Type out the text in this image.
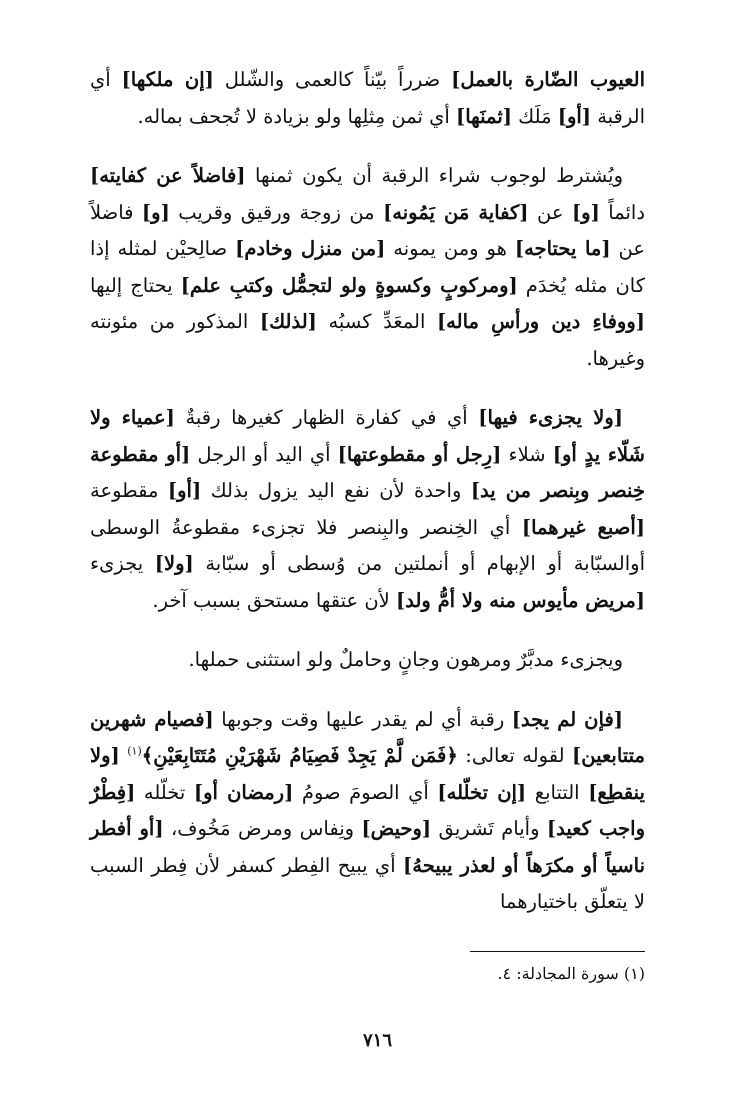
العيوب الضّارة بالعمل] ضرراً بيّناً كالعمى والشّلل [إن ملكها] أي الرقبة [أو] مَلَك [ثمنَها] أي ثمن مِثلِها ولو بزيادة لا تُجحف بماله.

ويُشترط لوجوب شراء الرقبة أن يكون ثمنها [فاضلاً عن كفايته] دائماً [و] عن [كفاية مَن يَمُونه] من زوجة ورقيق وقريب [و] فاضلاً عن [ما يحتاجه] هو ومن يمونه [من منزل وخادم] صالِحيْن لمثله إذا كان مثله يُخدَم [ومركوبٍ وكسوةٍ ولو لتجمُّل وكتبِ علم] يحتاج إليها [ووفاءِ دين ورأسِ ماله] المعَدِّ كسبُه [لذلك] المذكور من مئونته وغيرها.

[ولا يجزىء فيها] أي في كفارة الظهار كغيرها رقبةٌ [عمياء ولا شَلّاء يدٍ أو] شلاء [رِجل أو مقطوعتها] أي اليد أو الرجل [أو مقطوعة خِنصر وبِنصر من يد] واحدة لأن نفع اليد يزول بذلك [أو] مقطوعة [أصبع غيرهما] أي الخِنصر والبِنصر فلا تجزىء مقطوعةُ الوسطى أوالسبّابة أو الإبهام أو أنملتين من وُسطى أو سبّابة [ولا] يجزىء [مريض مأيوس منه ولا أمُّ ولد] لأن عتقها مستحق بسبب آخر.

ويجزىء مدبَّرٌ ومرهون وجانٍ وحاملٌ ولو استثنى حملها.

[فإن لم يجد] رقبة أي لم يقدر عليها وقت وجوبها [فصيام شهرين متتابعين] لقوله تعالى: ﴿فَمَن لَّمْ يَجِدْ فَصِيَامُ شَهْرَيْنِ مُتَتَابِعَيْنِ﴾$^{(١)}$ [ولا ينقطِع] التتابع [إن تخلّله] أي الصومَ صومُ [رمضان أو] تخلّله [فِطْرٌ واجب كعيد] وأيام تَشريق [وحيض] ونِفاس ومرض مَخُوف، [أو أفطر ناسياً أو مكرَهاً أو لعذر يبيحهُ] أي يبيح الفِطر كسفر لأن فِطر السبب لا يتعلّق باختيارهما

(١) سورة المجادلة: ٤.
٧١٦
